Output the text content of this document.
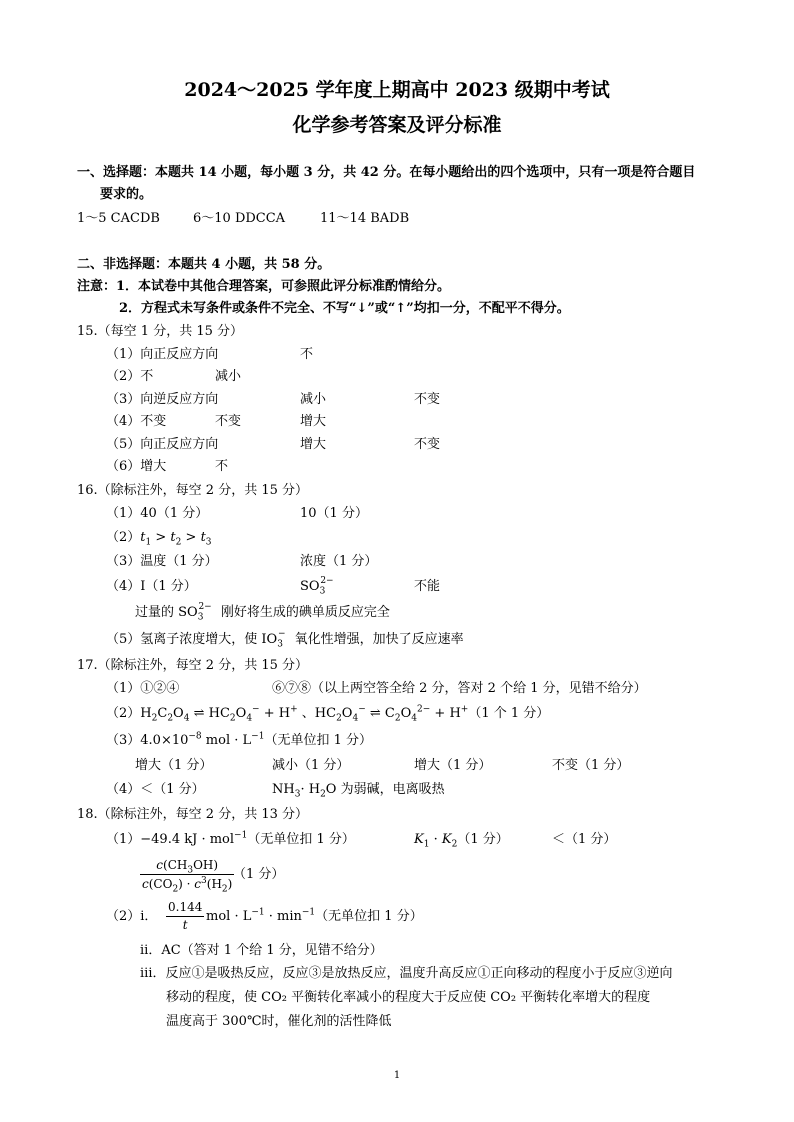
2024～2025 学年度上期高中 2023 级期中考试
化学参考答案及评分标准
一、选择题：本题共 14 小题，每小题 3 分，共 42 分。在每小题给出的四个选项中，只有一项是符合题目
要求的。
1～5 CACDB	6～10 DDCCA	11～14 BADB
二、非选择题：本题共 4 小题，共 58 分。
注意：1．本试卷中其他合理答案，可参照此评分标准酌情给分。
2．方程式未写条件或条件不完全、不写“↓”或“↑”均扣一分，不配平不得分。
15.（每空 1 分，共 15 分）
（1）向正反应方向	不
（2）不	减小
（3）向逆反应方向	减小	不变
（4）不变	不变	增大
（5）向正反应方向	增大	不变
（6）增大	不
16.（除标注外，每空 2 分，共 15 分）
（1）40（1 分）	10（1 分）
$(2)t_1 > t_2 > t_3$
（3）温度（1 分）	浓度（1 分）
（4）Ⅰ（1 分）	$SO_3^{2-}$	不能
过量的 $SO_3^{2-}$ 刚好将生成的碘单质反应完全
（5）氢离子浓度增大，使 $IO_3^-$ 氧化性增强，加快了反应速率
17.（除标注外，每空 2 分，共 15 分）
（1）①②④	⑥⑦⑧（以上两空答全给 2 分，答对 2 个给 1 分，见错不给分）
$(2)H_2C_2O_4$ ⇌ $HC_2O_4^- + H^+$ 、$HC_2O_4^-$ ⇌ $C_2O_4^{2-} + H^+(1$ 个 1 分）
$(3)4.0\times 10^{-8}$ mol · $L^{-1}$（无单位扣 1 分）
增大（1 分）	减小（1 分）	增大（1 分）	不变（1 分）
（4）＜（1 分）	$NH_3\cdot H_2O$ 为弱碱，电离吸热
18.（除标注外，每空 2 分，共 13 分）
（1）−49.4 kJ · mol$^{-1}$（无单位扣 1 分）	$K_1 \cdot K_2(1$ 分）	＜（1 分）
$\frac{c(CH_3OH)}{c(CO_2) \cdot c^3(H_2)}$
（1 分）
（2）ⅰ． $\frac{0.144}{t}$ mol · $L^{-1} \cdot \min^{-1}$（无单位扣 1 分）
ⅱ．AC（答对 1 个给 1 分，见错不给分）
ⅲ．反应①是吸热反应，反应③是放热反应，温度升高反应①正向移动的程度小于反应③逆向
移动的程度，使 CO₂ 平衡转化率减小的程度大于反应使 CO₂ 平衡转化率增大的程度
温度高于 300℃时，催化剂的活性降低
1
